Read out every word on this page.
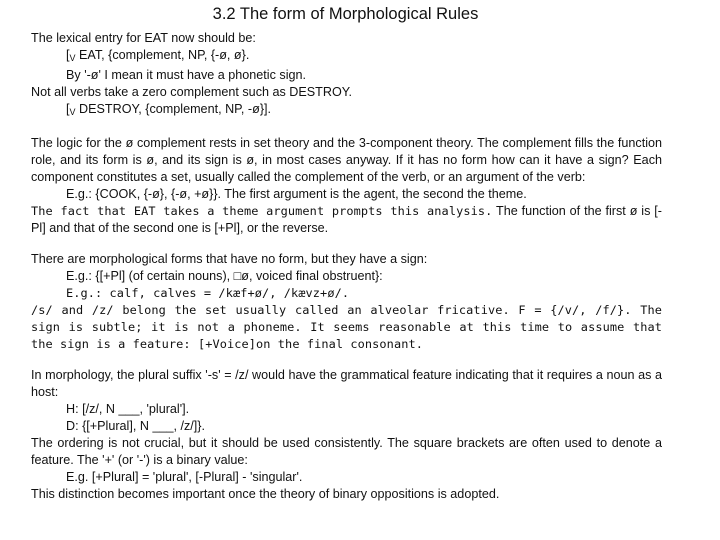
3.2 The form of Morphological Rules

The lexical entry for EAT now should be:

[$_V$ EAT, {complement, NP, {-ø, ø}.

By '-ø' I mean it must have a phonetic sign.

Not all verbs take a zero complement such as DESTROY.

[$_V$ DESTROY, {complement, NP, -ø}].

The logic for the ø complement rests in set theory and the 3-component theory. The complement fills the function role, and its form is ø, and its sign is ø, in most cases anyway. If it has no form how can it have a sign? Each component constitutes a set, usually called the complement of the verb, or an argument of the verb:

E.g.: {COOK, {-ø}, {-ø, +ø}}. The first argument is the agent, the second the theme.

The fact that EAT takes a theme argument prompts this analysis. The function of the first ø is [-Pl] and that of the second one is [+Pl], or the reverse.

There are morphological forms that have no form, but they have a sign:

E.g.: {[+Pl] (of certain nouns), □ø, voiced final obstruent}:

E.g.: calf, calves = /kæf+ø/, /kævz+ø/.

/s/ and /z/ belong the set usually called an alveolar fricative. F = {/v/, /f/}. The sign is subtle; it is not a phoneme. It seems reasonable at this time to assume that the sign is a feature: [+Voice]on the final consonant.

In morphology, the plural suffix '-s' = /z/ would have the grammatical feature indicating that it requires a noun as a host:

H: [/z/, N ___, 'plural'].

D: {[+Plural], N ___, /z/]}.

The ordering is not crucial, but it should be used consistently. The square brackets are often used to denote a feature. The '+' (or '-') is a binary value:

E.g. [+Plural] = 'plural', [-Plural] - 'singular'.

This distinction becomes important once the theory of binary oppositions is adopted.
